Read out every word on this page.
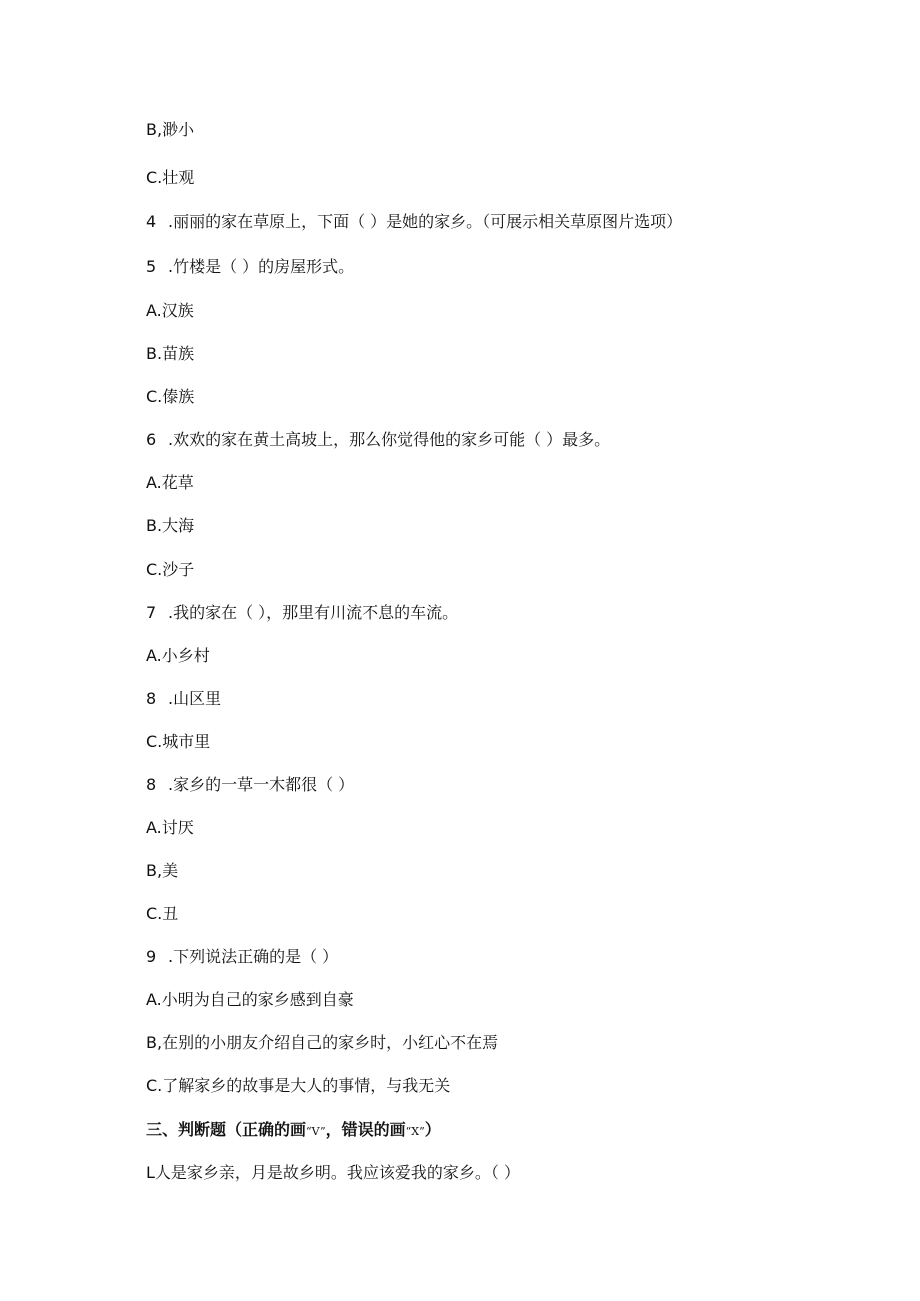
B,渺小
C.壮观
4 .丽丽的家在草原上，下面（ ）是她的家乡。（可展示相关草原图片选项）
5 .竹楼是（ ）的房屋形式。
A.汉族
B.苗族
C.傣族
6 .欢欢的家在黄土高坡上，那么你觉得他的家乡可能（ ）最多。
A.花草
B.大海
C.沙子
7 .我的家在（ ），那里有川流不息的车流。
A.小乡村
8 .山区里
C.城市里
8 .家乡的一草一木都很（ ）
A.讨厌
B,美
C.丑
9 .下列说法正确的是（ ）
A.小明为自己的家乡感到自豪
B,在别的小朋友介绍自己的家乡时，小红心不在焉
C.了解家乡的故事是大人的事情，与我无关
三、判断题（正确的画“V”，错误的画“X”）
L人是家乡亲，月是故乡明。我应该爱我的家乡。（ ）
